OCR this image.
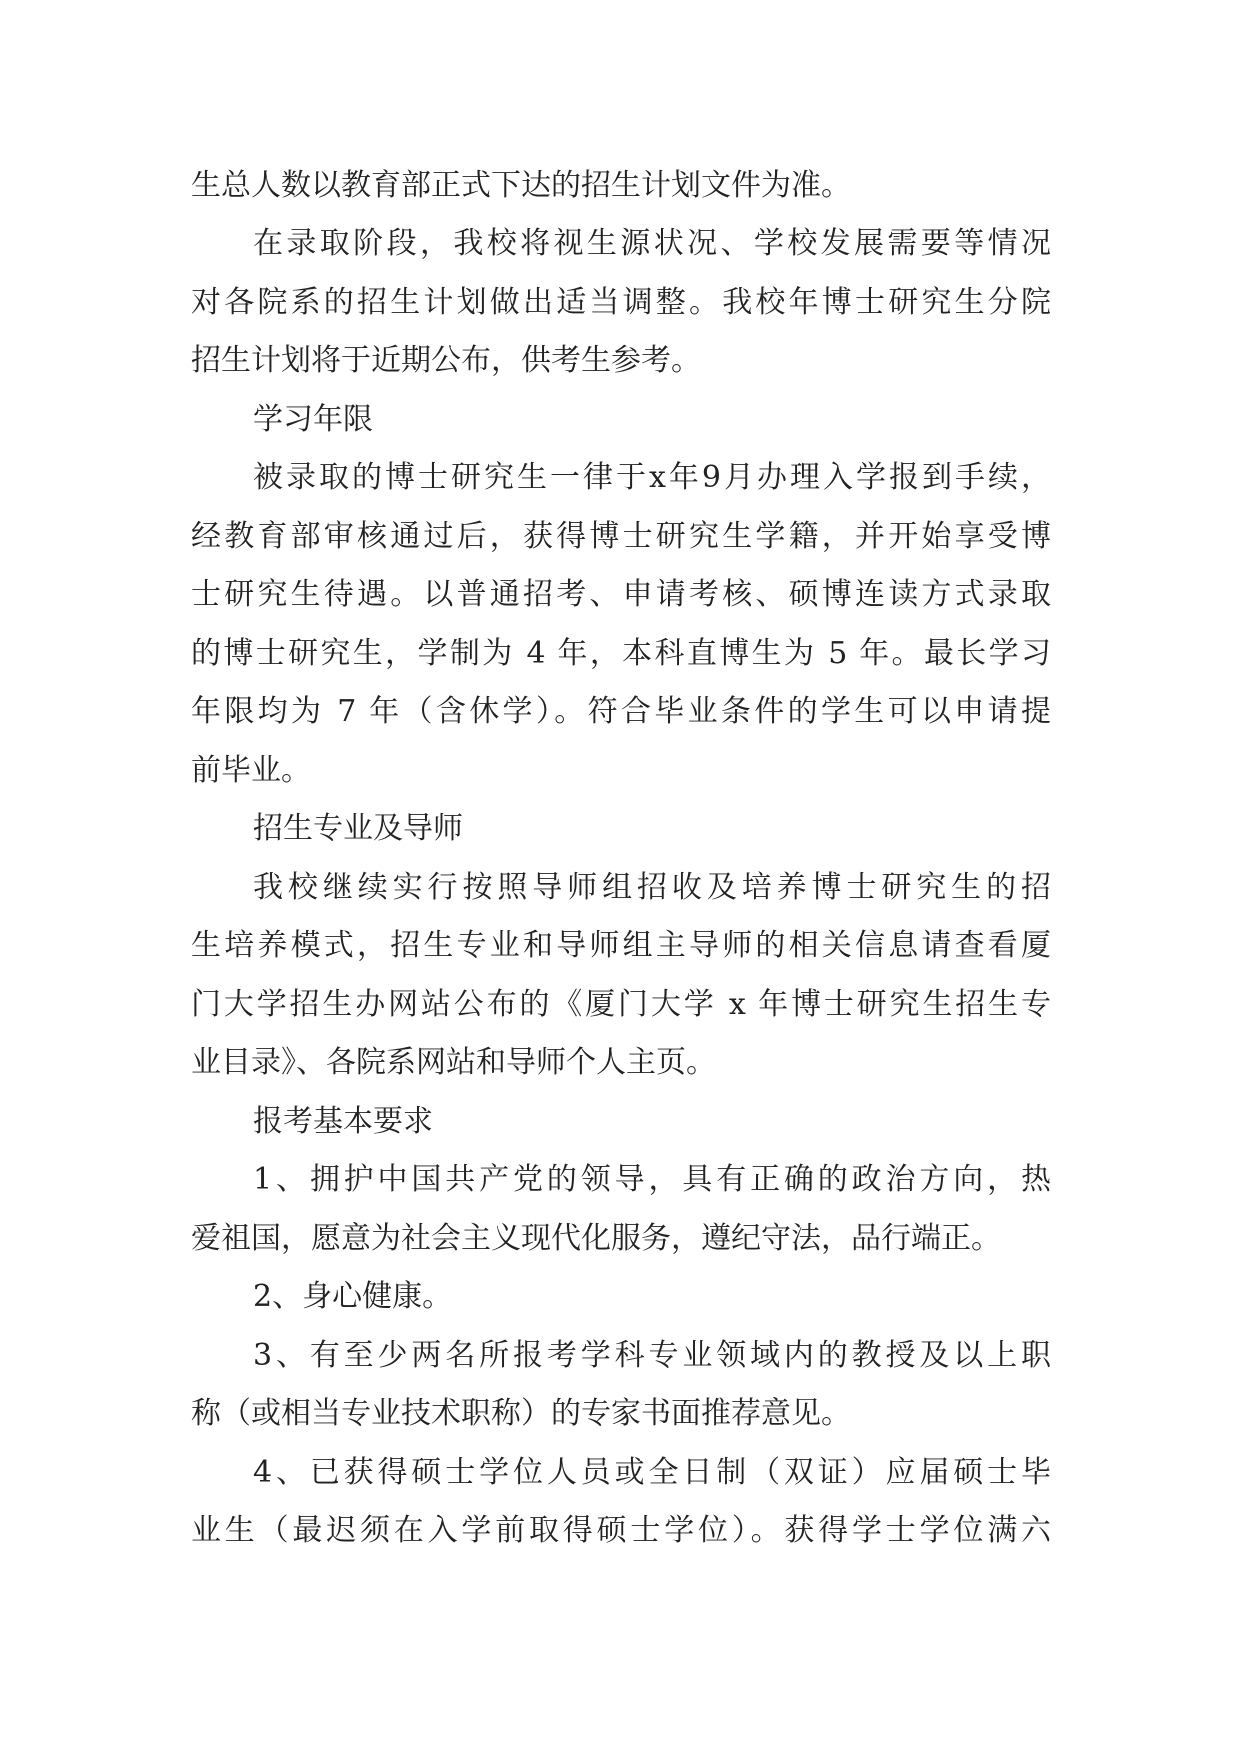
生总人数以教育部正式下达的招生计划文件为准。
在录取阶段，我校将视生源状况、学校发展需要等情况
对各院系的招生计划做出适当调整。我校年博士研究生分院
招生计划将于近期公布，供考生参考。
学习年限
被录取的博士研究生一律于x年9月办理入学报到手续，
经教育部审核通过后，获得博士研究生学籍，并开始享受博
士研究生待遇。以普通招考、申请考核、硕博连读方式录取
的博士研究生，学制为 4 年，本科直博生为 5 年。最长学习
年限均为 7 年（含休学）。符合毕业条件的学生可以申请提
前毕业。
招生专业及导师
我校继续实行按照导师组招收及培养博士研究生的招
生培养模式，招生专业和导师组主导师的相关信息请查看厦
门大学招生办网站公布的《厦门大学 x 年博士研究生招生专
业目录》、各院系网站和导师个人主页。
报考基本要求
1、拥护中国共产党的领导，具有正确的政治方向，热
爱祖国，愿意为社会主义现代化服务，遵纪守法，品行端正。
2、身心健康。
3、有至少两名所报考学科专业领域内的教授及以上职
称（或相当专业技术职称）的专家书面推荐意见。
4、已获得硕士学位人员或全日制（双证）应届硕士毕
业生（最迟须在入学前取得硕士学位）。获得学士学位满六
